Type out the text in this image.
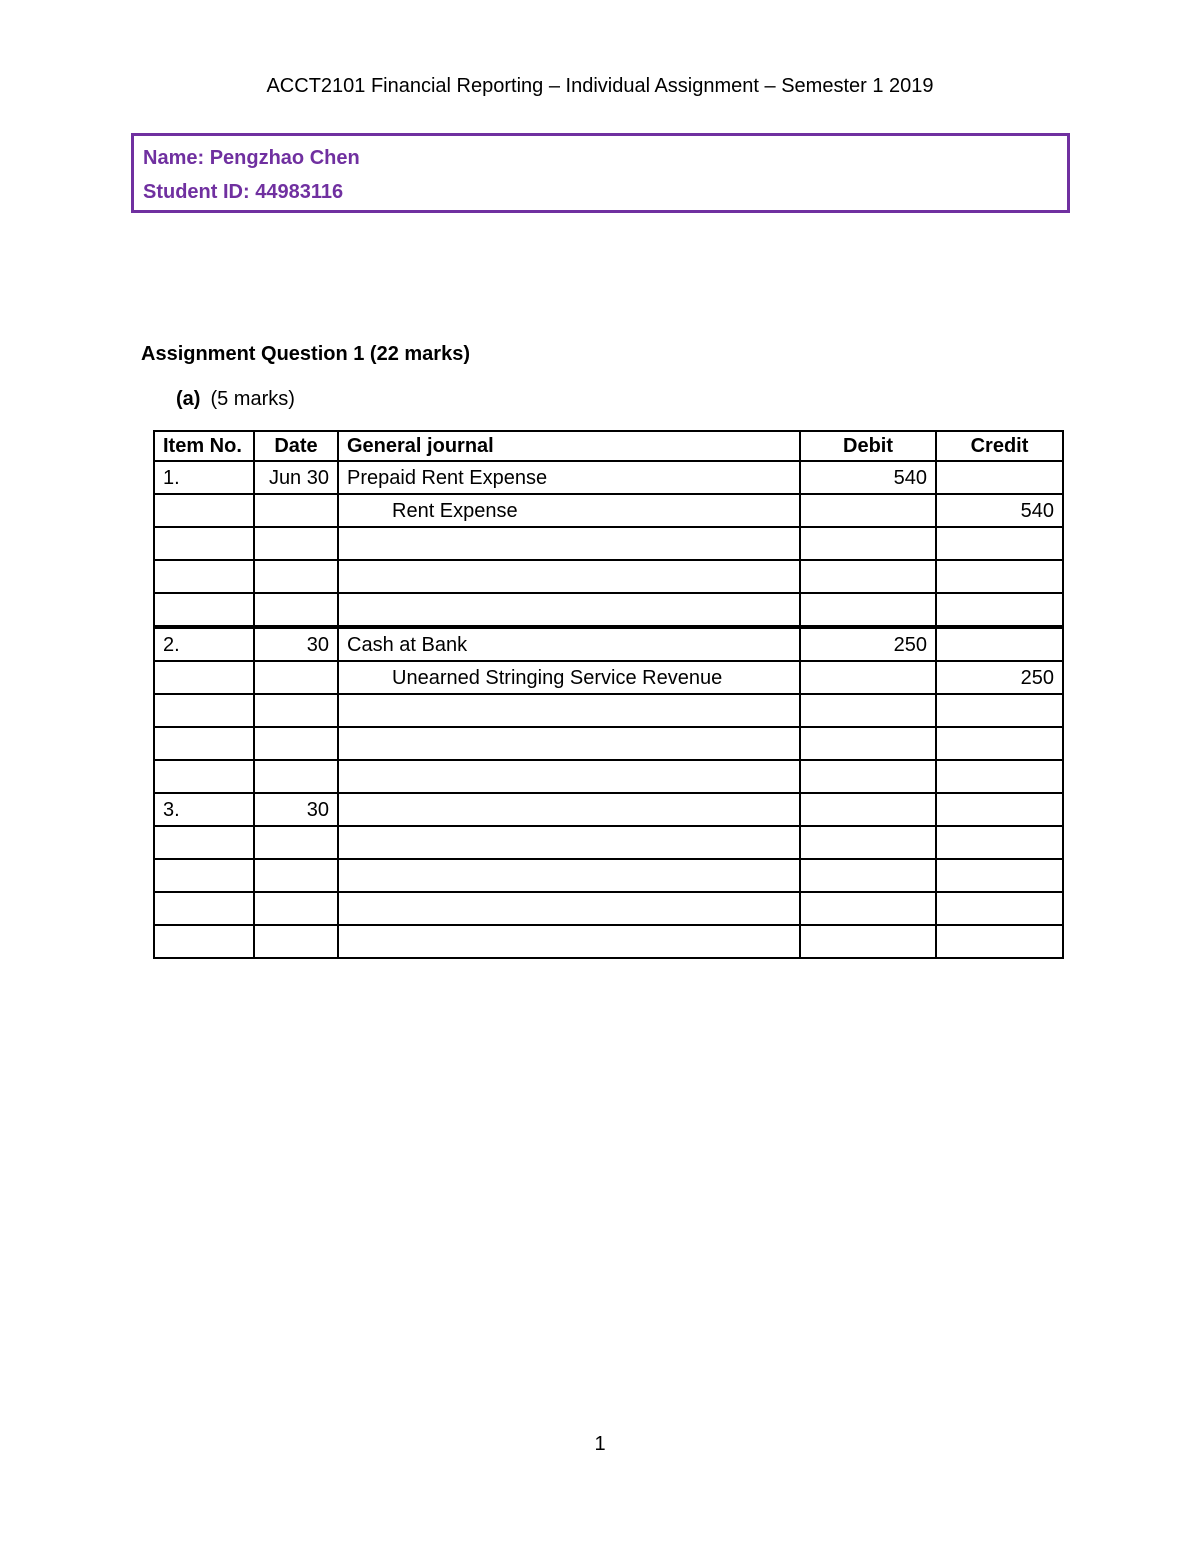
ACCT2101 Financial Reporting – Individual Assignment – Semester 1 2019
Name: Pengzhao Chen
Student ID: 44983116
Assignment Question 1 (22 marks)
(a) (5 marks)
Item No.	Date	General journal	Debit	Credit
1.	Jun 30	Prepaid Rent Expense	540	
		Rent Expense		540

2.	30	Cash at Bank	250	
		Unearned Stringing Service Revenue		250

3.	30			

1
